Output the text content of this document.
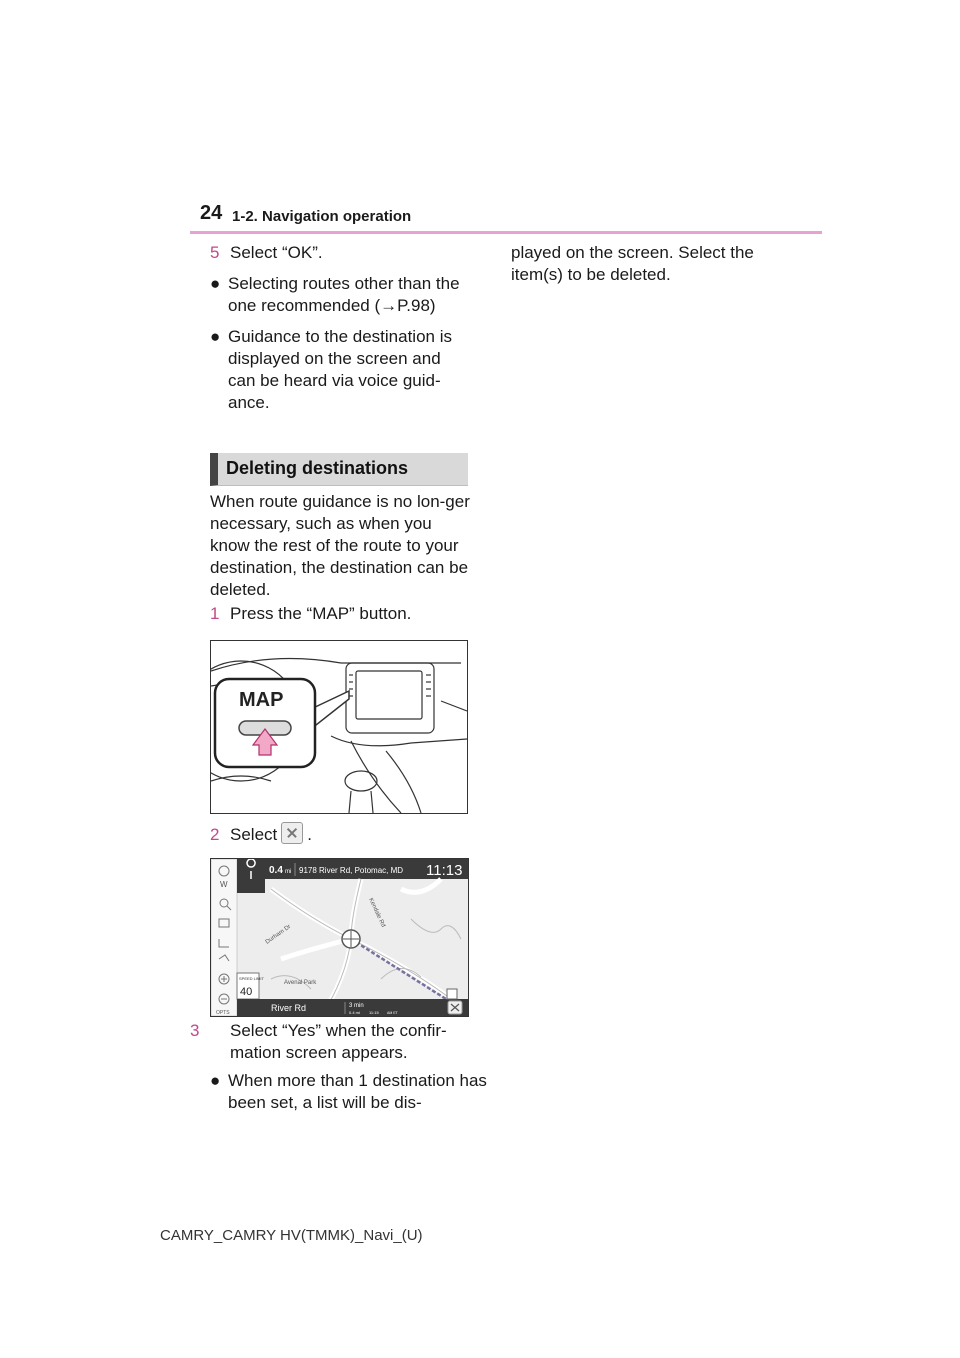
24 1-2. Navigation operation
5 Select “OK”.
● Selecting routes other than the one recommended (→P.98)
● Guidance to the destination is displayed on the screen and can be heard via voice guid-ance.
Deleting destinations
When route guidance is no lon-ger necessary, such as when you know the rest of the route to your destination, the destination can be deleted.
1 Press the “MAP” button.
MAP
2 Select .
W
OPTS
0.4 mi 9178 River Rd, Potomac, MD 11:13
Durham Dr
Kendale Rd
Avenal Park
SPEED LIMIT
40
River Rd	3 min
0.4 mi 11:15 AM ET
3 Select “Yes” when the confir-mation screen appears.
● When more than 1 destination has been set, a list will be dis-
played on the screen. Select the item(s) to be deleted.
CAMRY_CAMRY HV(TMMK)_Navi_(U)
